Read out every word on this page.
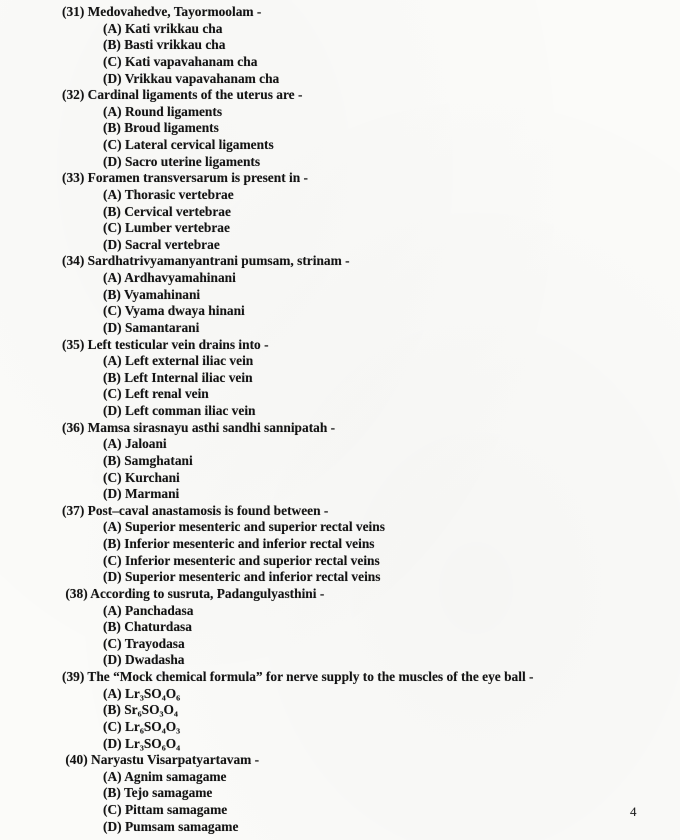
(31) Medovahedve, Tayormoolam -
(A) Kati vrikkau cha
(B) Basti vrikkau cha
(C) Kati vapavahanam cha
(D) Vrikkau vapavahanam cha
(32) Cardinal ligaments of the uterus are -
(A) Round ligaments
(B) Broud ligaments
(C) Lateral cervical ligaments
(D) Sacro uterine ligaments
(33) Foramen transversarum is present in -
(A) Thorasic vertebrae
(B) Cervical vertebrae
(C) Lumber vertebrae
(D) Sacral vertebrae
(34) Sardhatrivyamanyantrani pumsam, strinam -
(A) Ardhavyamahinani
(B) Vyamahinani
(C) Vyama dwaya hinani
(D) Samantarani
(35) Left testicular vein drains into -
(A) Left external iliac vein
(B) Left Internal iliac vein
(C) Left renal vein
(D) Left comman iliac vein
(36) Mamsa sirasnayu asthi sandhi sannipatah -
(A) Jaloani
(B) Samghatani
(C) Kurchani
(D) Marmani
(37) Post–caval anastamosis is found between -
(A) Superior mesenteric and superior rectal veins
(B) Inferior mesenteric and inferior rectal veins
(C) Inferior mesenteric and superior rectal veins
(D) Superior mesenteric and inferior rectal veins
(38) According to susruta, Padangulyasthini -
(A) Panchadasa
(B) Chaturdasa
(C) Trayodasa
(D) Dwadasha
(39) The “Mock chemical formula” for nerve supply to the muscles of the eye ball -
(A) Lr₃SO₄O₆
(B) Sr₆SO₃O₄
(C) Lr₆SO₄O₃
(D) Lr₃SO₆O₄
(40) Naryastu Visarpatyartavam -
(A) Agnim samagame
(B) Tejo samagame
(C) Pittam samagame
(D) Pumsam samagame
4
